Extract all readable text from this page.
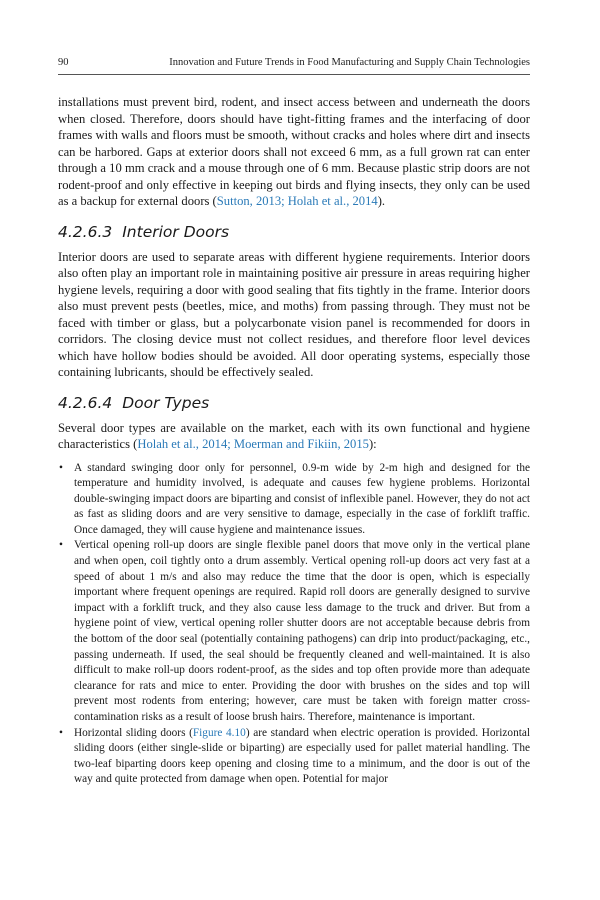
90	Innovation and Future Trends in Food Manufacturing and Supply Chain Technologies

installations must prevent bird, rodent, and insect access between and underneath the doors when closed. Therefore, doors should have tight-fitting frames and the interfacing of door frames with walls and floors must be smooth, without cracks and holes where dirt and insects can be harbored. Gaps at exterior doors shall not exceed 6 mm, as a full grown rat can enter through a 10 mm crack and a mouse through one of 6 mm. Because plastic strip doors are not rodent-proof and only effective in keeping out birds and flying insects, they only can be used as a backup for external doors (Sutton, 2013; Holah et al., 2014).

4.2.6.3 Interior Doors

Interior doors are used to separate areas with different hygiene requirements. Interior doors also often play an important role in maintaining positive air pressure in areas requiring higher hygiene levels, requiring a door with good sealing that fits tightly in the frame. Interior doors also must prevent pests (beetles, mice, and moths) from passing through. They must not be faced with timber or glass, but a polycarbonate vision panel is recommended for doors in corridors. The closing device must not collect residues, and therefore floor level devices which have hollow bodies should be avoided. All door operating systems, especially those containing lubricants, should be effectively sealed.

4.2.6.4 Door Types

Several door types are available on the market, each with its own functional and hygiene characteristics (Holah et al., 2014; Moerman and Fikiin, 2015):

• A standard swinging door only for personnel, 0.9-m wide by 2-m high and designed for the temperature and humidity involved, is adequate and causes few hygiene problems. Horizontal double-swinging impact doors are biparting and consist of inflexible panel. However, they do not act as fast as sliding doors and are very sensitive to damage, especially in the case of forklift traffic. Once damaged, they will cause hygiene and maintenance issues.
• Vertical opening roll-up doors are single flexible panel doors that move only in the vertical plane and when open, coil tightly onto a drum assembly. Vertical opening roll-up doors act very fast at a speed of about 1 m/s and also may reduce the time that the door is open, which is especially important where frequent openings are required. Rapid roll doors are generally designed to survive impact with a forklift truck, and they also cause less damage to the truck and driver. But from a hygiene point of view, vertical opening roller shutter doors are not acceptable because debris from the bottom of the door seal (potentially containing pathogens) can drip into product/packaging, etc., passing underneath. If used, the seal should be frequently cleaned and well-maintained. It is also difficult to make roll-up doors rodent-proof, as the sides and top often provide more than adequate clearance for rats and mice to enter. Providing the door with brushes on the sides and top will prevent most rodents from entering; however, care must be taken with foreign matter cross-contamination risks as a result of loose brush hairs. Therefore, maintenance is important.
• Horizontal sliding doors (Figure 4.10) are standard when electric operation is provided. Horizontal sliding doors (either single-slide or biparting) are especially used for pallet material handling. The two-leaf biparting doors keep opening and closing time to a minimum, and the door is out of the way and quite protected from damage when open. Potential for major
